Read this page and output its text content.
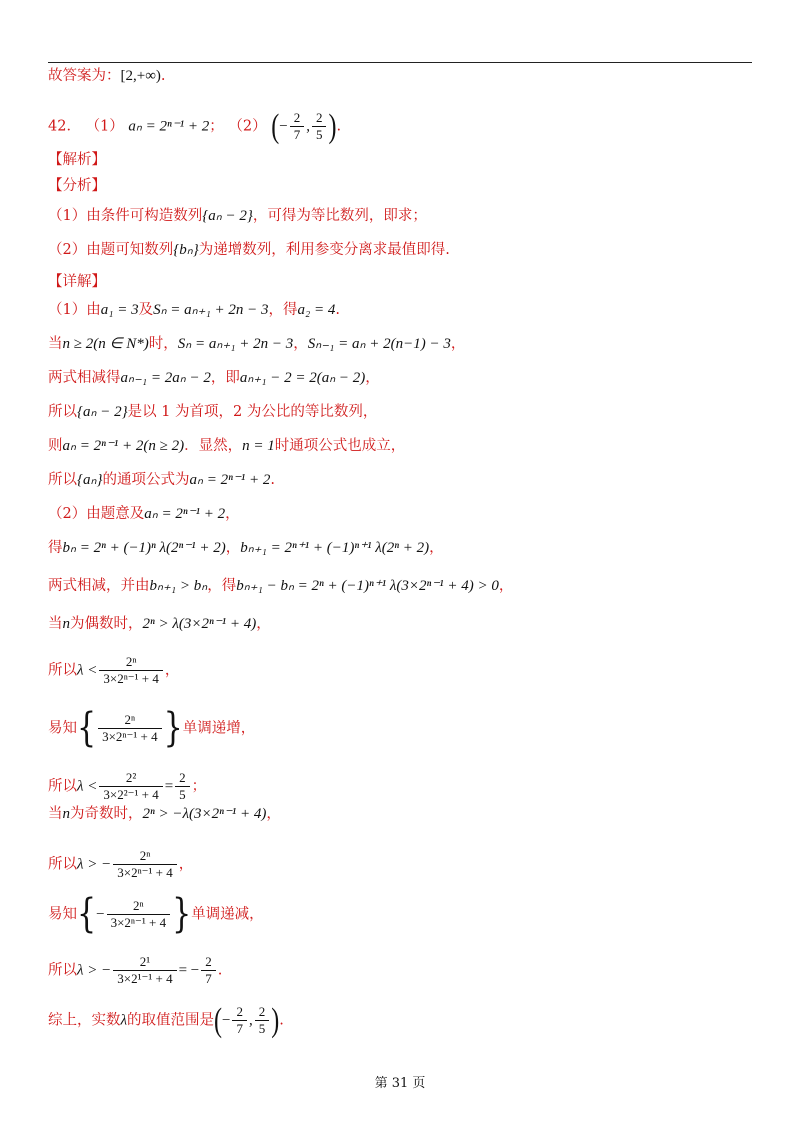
故答案为：[2,+∞).
42． （1） aₙ = 2ⁿ⁻¹ + 2； （2） (− $\frac{2}{7}$ , $\frac{2}{5}$ ).
【解析】
【分析】
（1）由条件可构造数列{aₙ − 2}，可得为等比数列，即求；
（2）由题可知数列{bₙ}为递增数列，利用参变分离求最值即得.
【详解】
（1）由a₁ = 3及Sₙ = aₙ₊₁ + 2n − 3，得a₂ = 4.
当n ≥ 2(n ∈ N*)时，Sₙ = aₙ₊₁ + 2n − 3，Sₙ₋₁ = aₙ + 2(n−1) − 3，
两式相减得aₙ₋₁ = 2aₙ − 2，即aₙ₊₁ − 2 = 2(aₙ − 2)，
所以{aₙ − 2}是以 1 为首项，2 为公比的等比数列，
则aₙ = 2ⁿ⁻¹ + 2(n ≥ 2)．显然，n = 1时通项公式也成立，
所以{aₙ}的通项公式为aₙ = 2ⁿ⁻¹ + 2.
（2）由题意及aₙ = 2ⁿ⁻¹ + 2，
得bₙ = 2ⁿ + (−1)ⁿ λ(2ⁿ⁻¹ + 2)，bₙ₊₁ = 2ⁿ⁺¹ + (−1)ⁿ⁺¹ λ(2ⁿ + 2)，
两式相减，并由bₙ₊₁ > bₙ，得bₙ₊₁ − bₙ = 2ⁿ + (−1)ⁿ⁺¹ λ(3×2ⁿ⁻¹ + 4) > 0，
当n为偶数时，2ⁿ > λ(3×2ⁿ⁻¹ + 4)，
所以$\lambda < \frac{\text{2ⁿ}}{\text{3×2ⁿ⁻¹ + 4}}$ ，
易知{ $\frac{\text{2ⁿ}}{\text{3×2ⁿ⁻¹ + 4}}$ }单调递增，
所以$\lambda < \frac{\text{2²}}{\text{3×2²⁻¹ + 4}} = \frac{2}{5}$ ；
当n为奇数时，2ⁿ > −λ(3×2ⁿ⁻¹ + 4)，
所以λ > − $\frac{\text{2ⁿ}}{\text{3×2ⁿ⁻¹ + 4}}$ ，
易知{− $\frac{\text{2ⁿ}}{\text{3×2ⁿ⁻¹ + 4}}$ }单调递减，
所以λ > − $\frac{\text{2¹}}{\text{3×2¹⁻¹ + 4}}$ = − $\frac{2}{7}$ .
综上，实数λ的取值范围是(− $\frac{2}{7}$ , $\frac{2}{5}$ ).
第 31 页
